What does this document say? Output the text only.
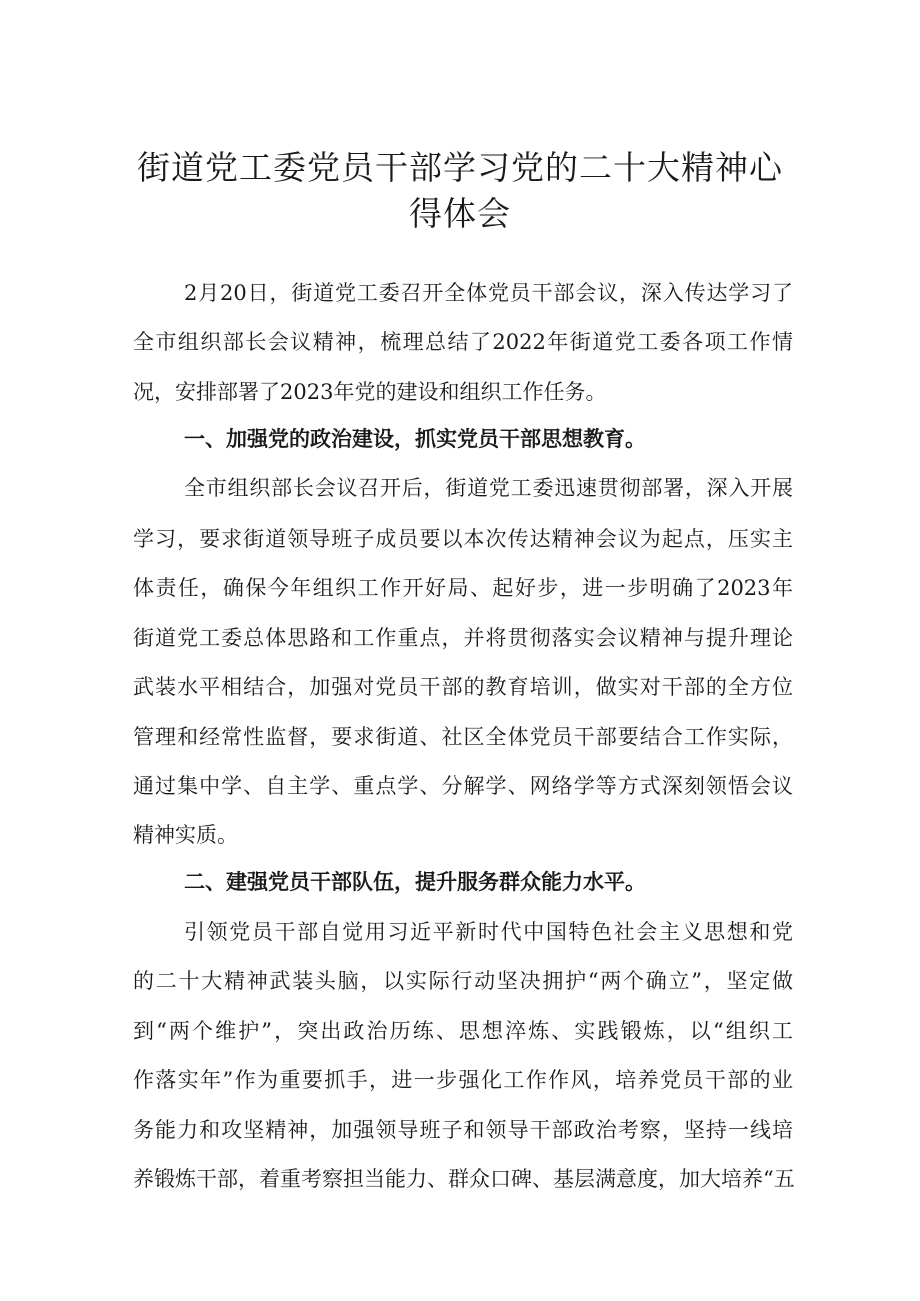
街道党工委党员干部学习党的二十大精神心
得体会

2月20日，街道党工委召开全体党员干部会议，深入传达学习了

全市组织部长会议精神，梳理总结了2022年街道党工委各项工作情

况，安排部署了2023年党的建设和组织工作任务。

一、加强党的政治建设，抓实党员干部思想教育。

全市组织部长会议召开后，街道党工委迅速贯彻部署，深入开展

学习，要求街道领导班子成员要以本次传达精神会议为起点，压实主

体责任，确保今年组织工作开好局、起好步，进一步明确了2023年

街道党工委总体思路和工作重点，并将贯彻落实会议精神与提升理论

武装水平相结合，加强对党员干部的教育培训，做实对干部的全方位

管理和经常性监督，要求街道、社区全体党员干部要结合工作实际，

通过集中学、自主学、重点学、分解学、网络学等方式深刻领悟会议

精神实质。

二、建强党员干部队伍，提升服务群众能力水平。

引领党员干部自觉用习近平新时代中国特色社会主义思想和党

的二十大精神武装头脑，以实际行动坚决拥护“两个确立”，坚定做

到“两个维护”，突出政治历练、思想淬炼、实践锻炼，以“组织工

作落实年”作为重要抓手，进一步强化工作作风，培养党员干部的业

务能力和攻坚精神，加强领导班子和领导干部政治考察，坚持一线培

养锻炼干部，着重考察担当能力、群众口碑、基层满意度，加大培养“五
